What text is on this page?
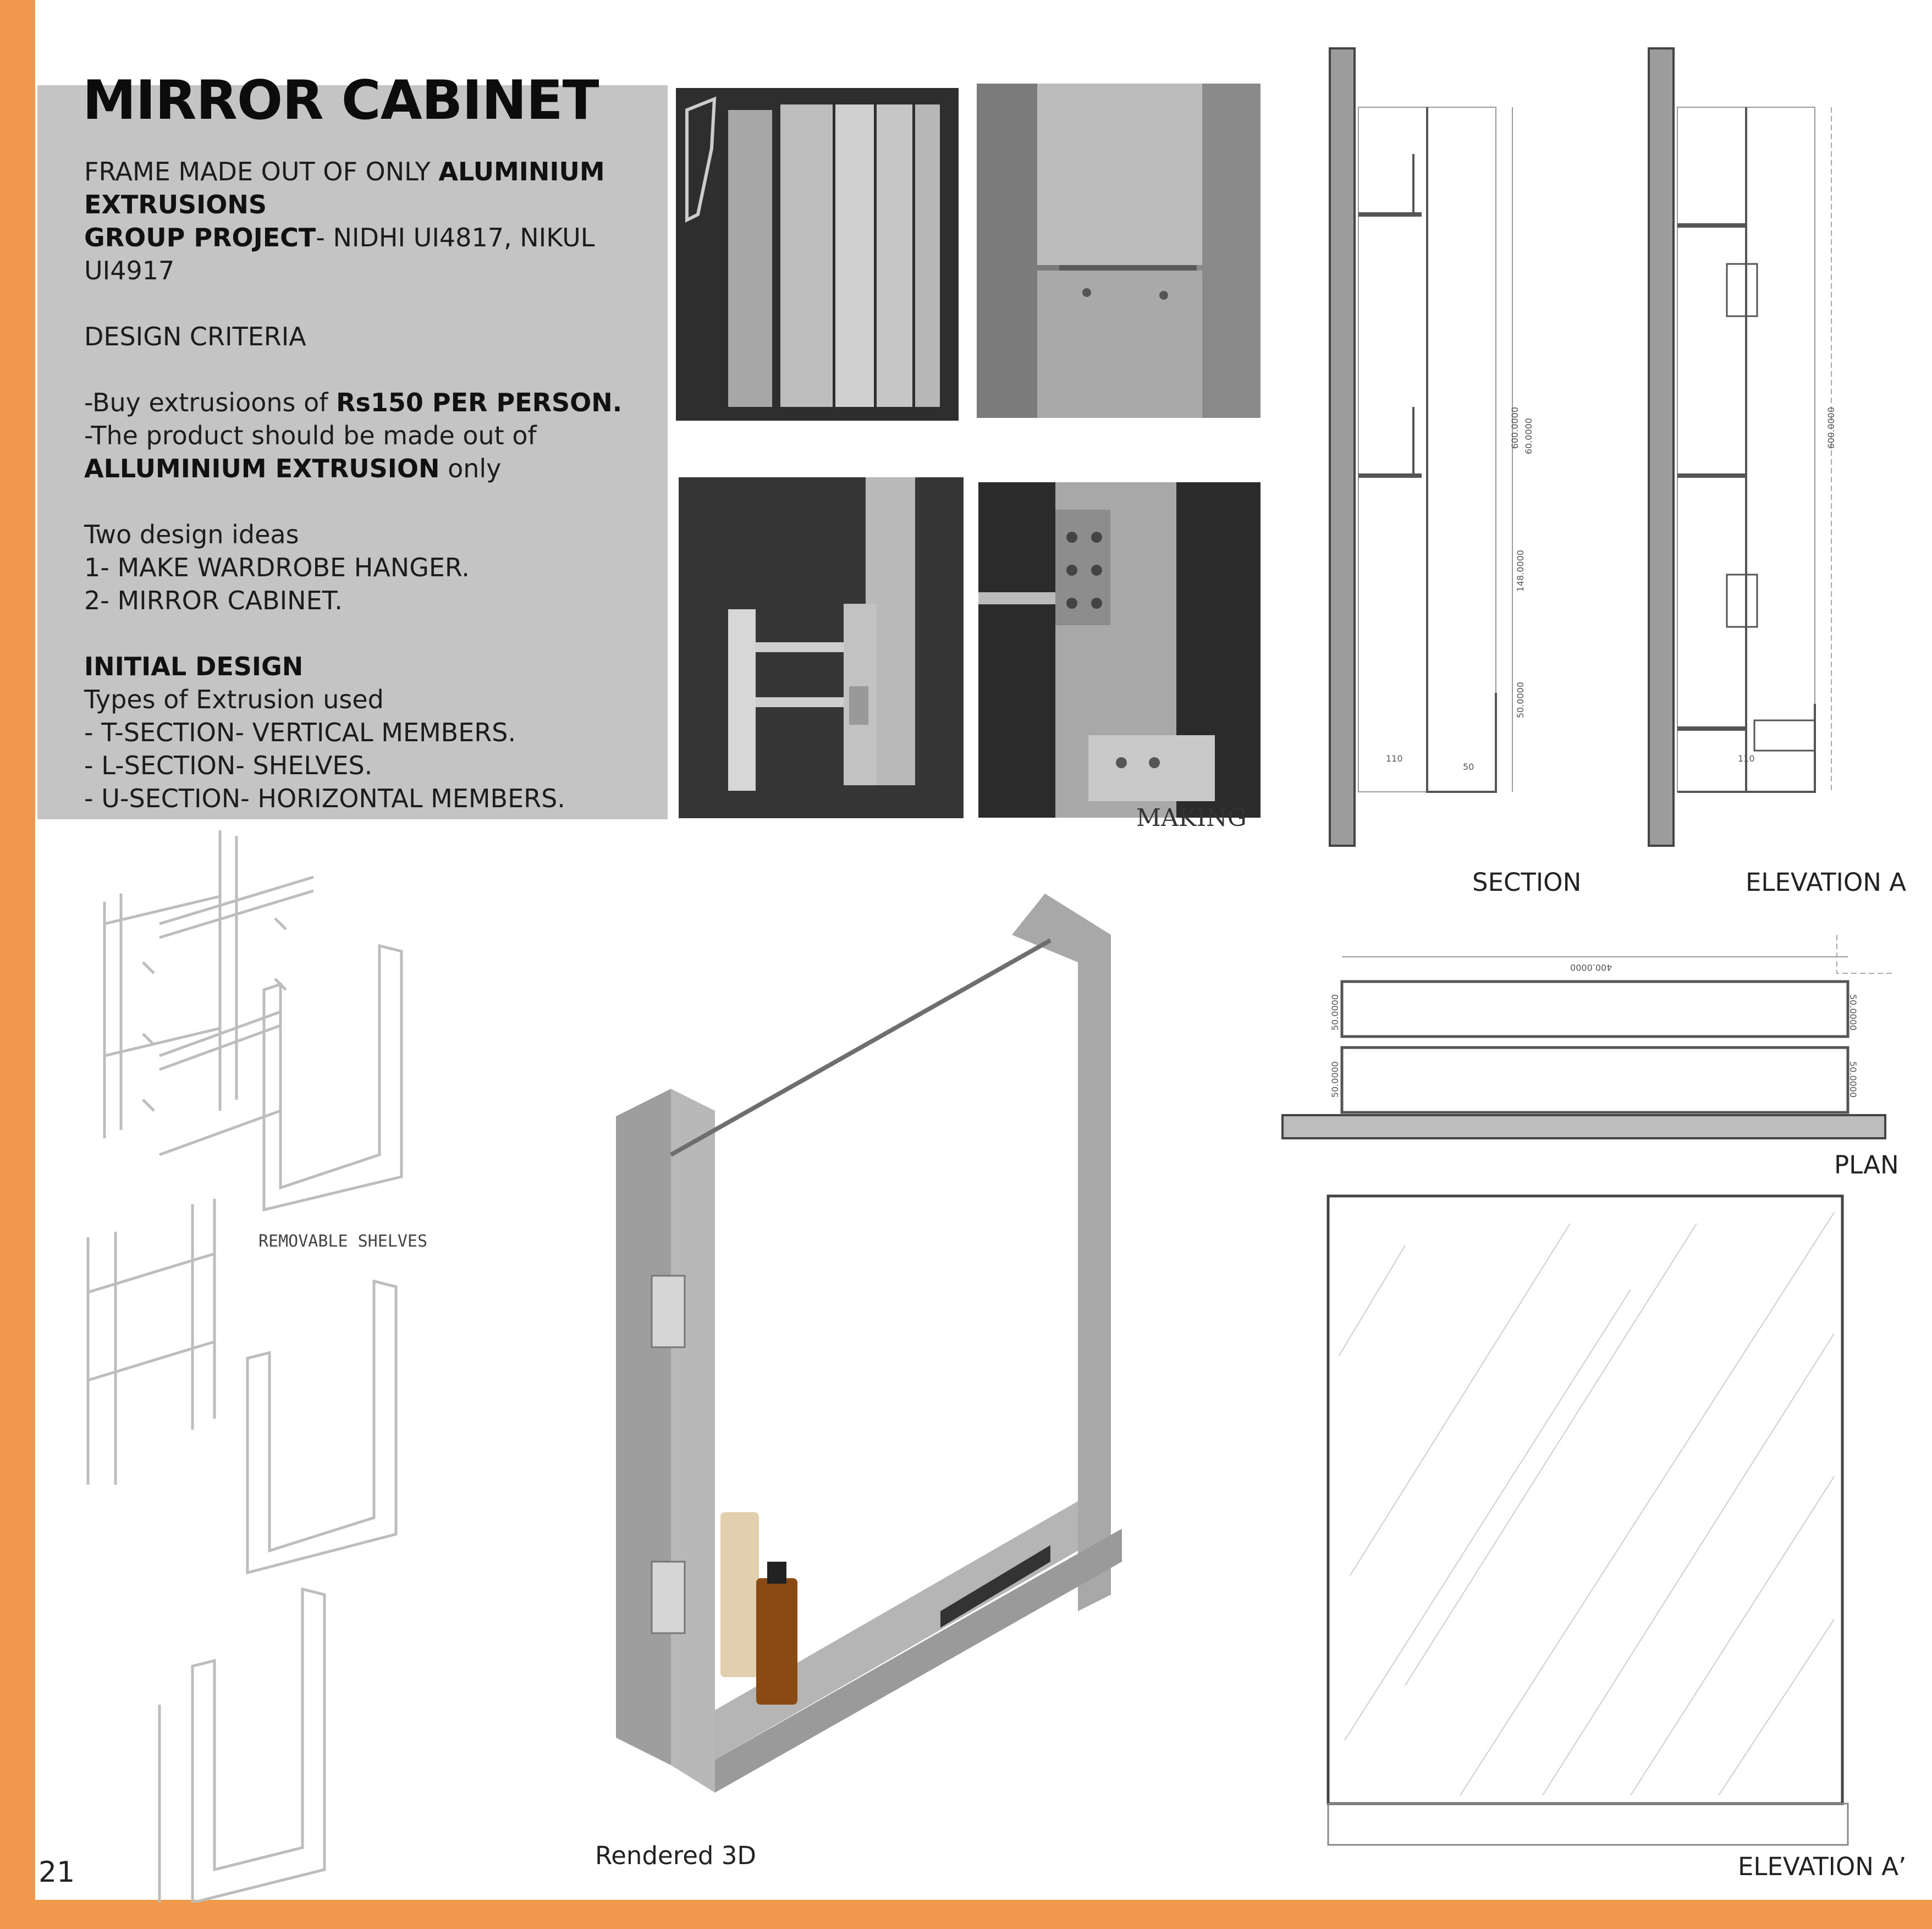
MIRROR CABINET

FRAME MADE OUT OF ONLY ALUMINIUM EXTRUSIONS

GROUP PROJECT- NIDHI UI4817, NIKUL UI4917

DESIGN CRITERIA

-Buy extrusioons of Rs150 PER PERSON.

-The product should be made out of

ALLUMINIUM EXTRUSION only

Two design ideas

1- MAKE WARDROBE HANGER.

2- MIRROR CABINET.

INITIAL DESIGN

Types of Extrusion used

- T-SECTION- VERTICAL MEMBERS.

- L-SECTION- SHELVES.

- U-SECTION- HORIZONTAL MEMBERS.

MAKING
REMOVABLE SHELVES
Rendered 3D
600.0000 60.0000
148.0000
50.0000
110
50
SECTION
600.0000
110
ELEVATION A
400.0000
50.0000
50.0000
50.0000
50.0000
PLAN
ELEVATION A’
21
